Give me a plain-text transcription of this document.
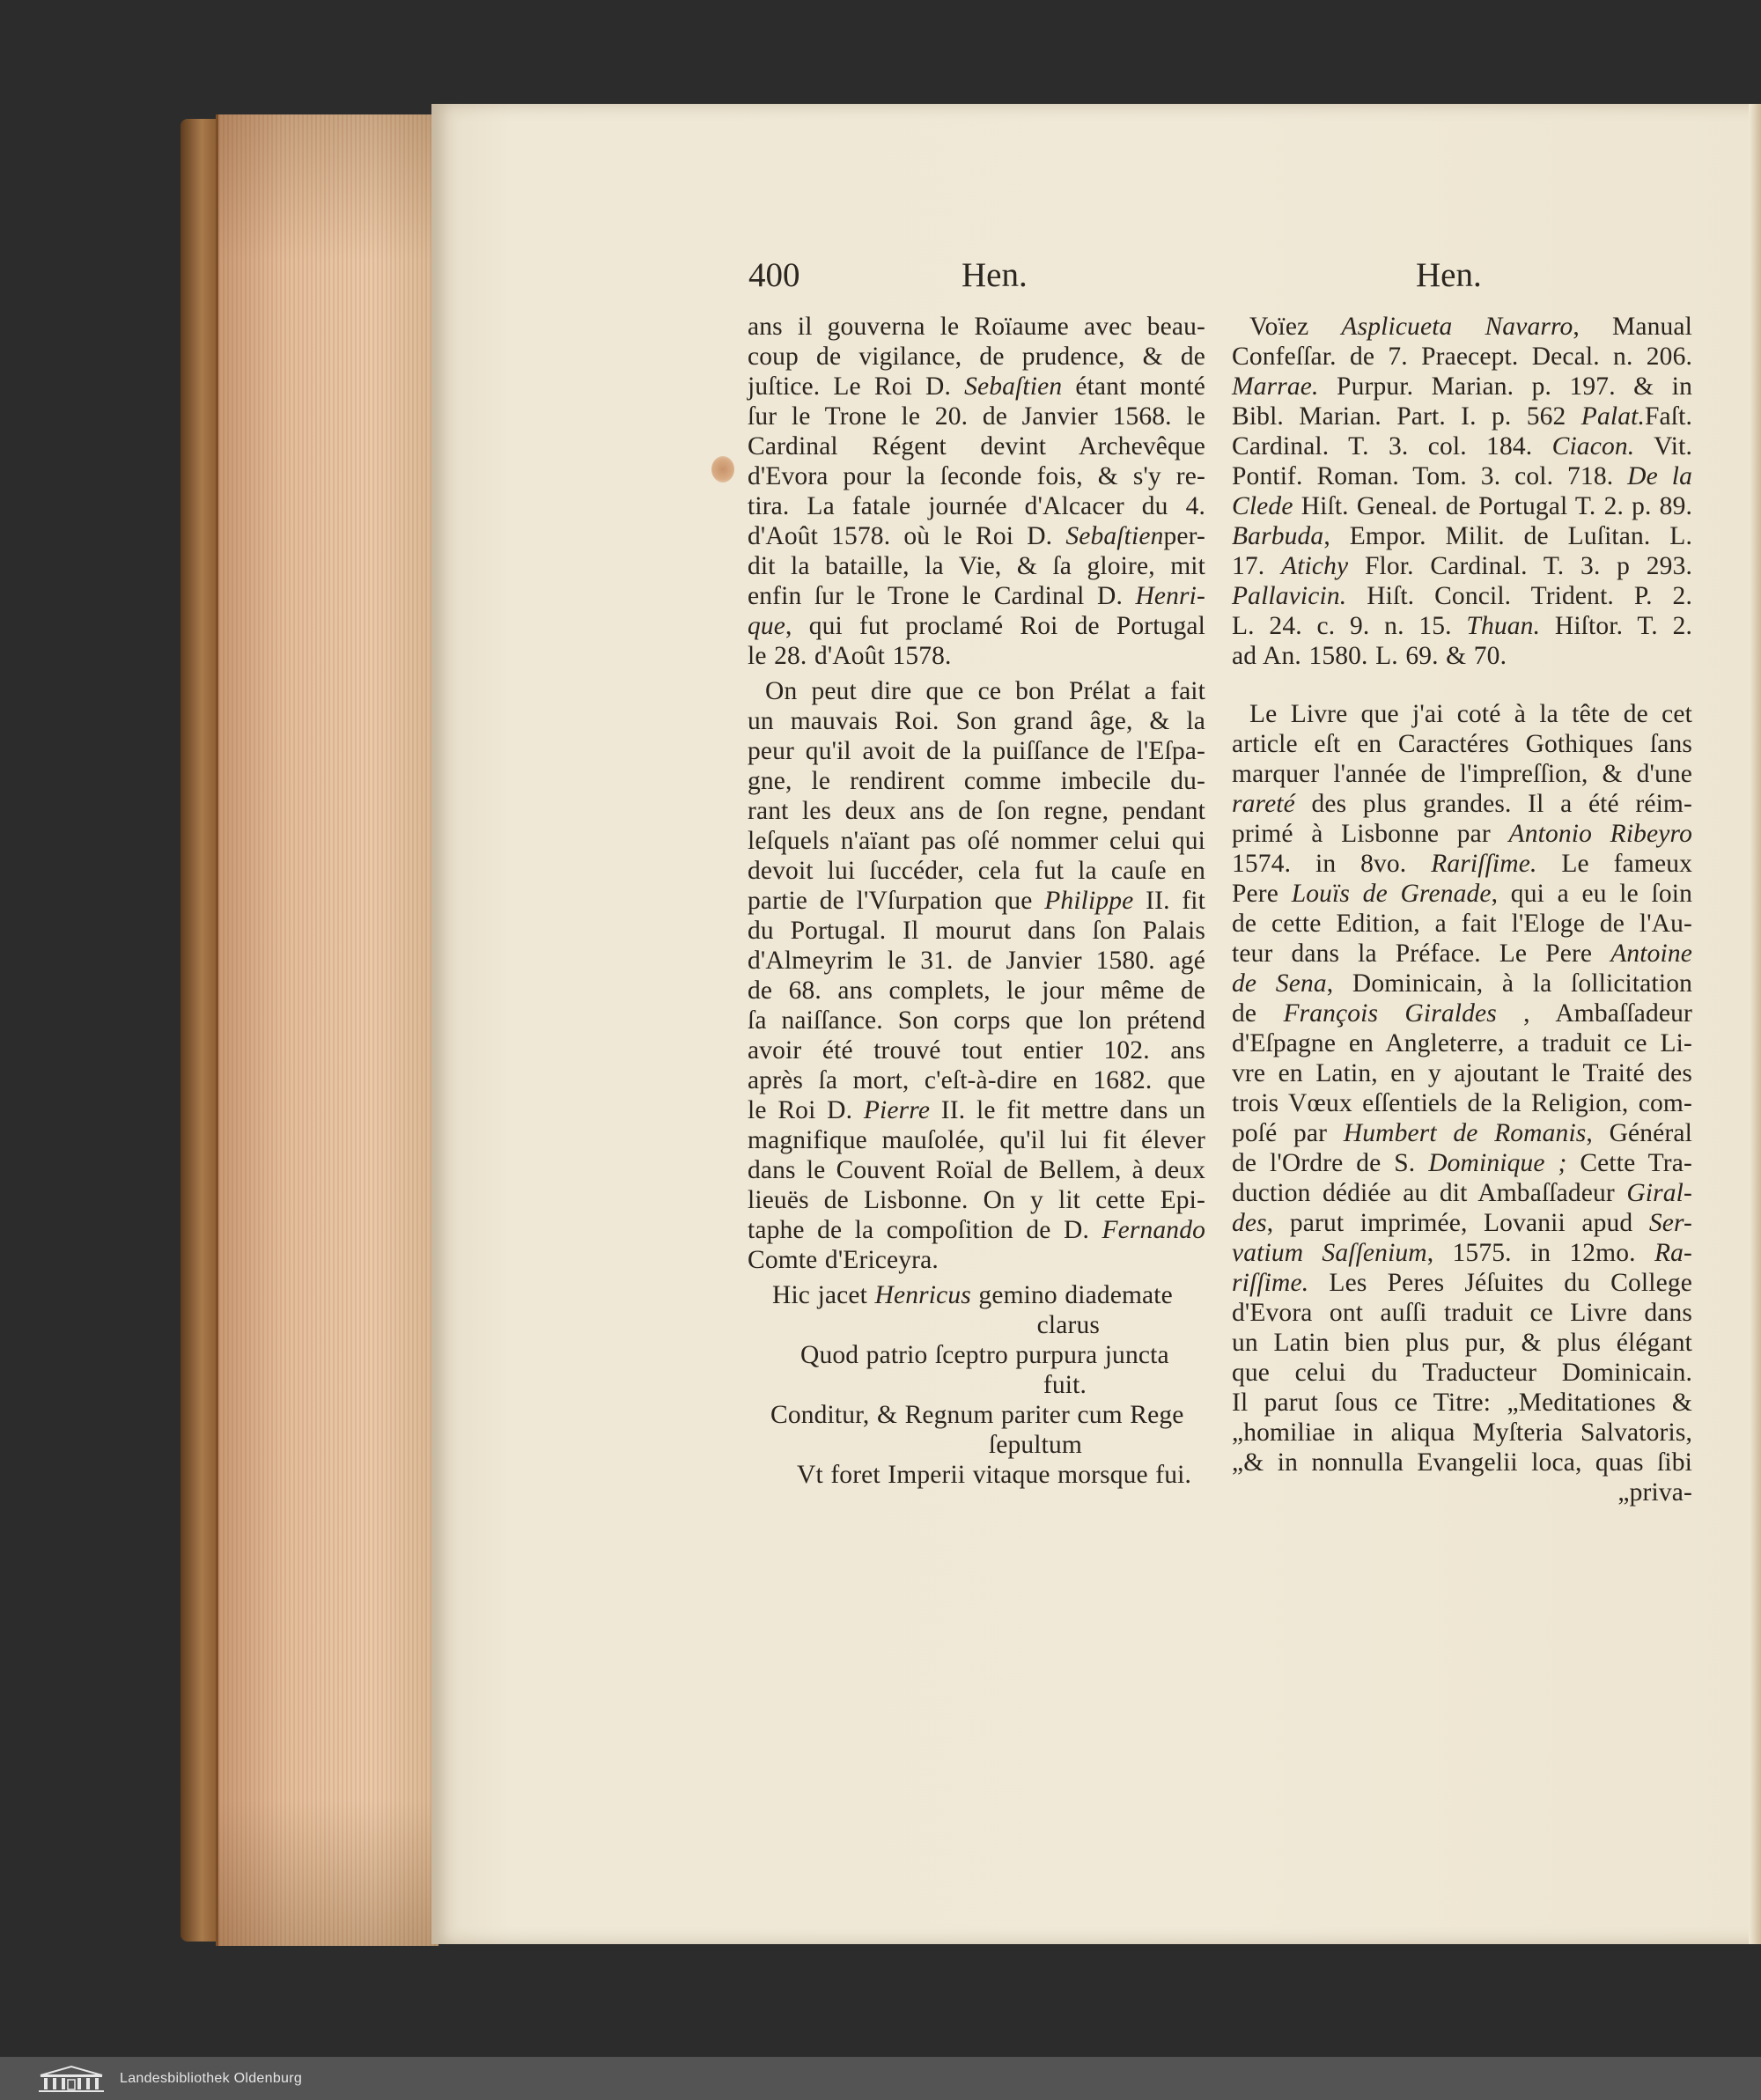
400	Hen.	Hen.
ans il gouverna le Roïaume avec beau-
coup de vigilance, de prudence, & de
juſtice. Le Roi D. Sebaſtien étant monté
ſur le Trone le 20. de Janvier 1568. le
Cardinal Régent devint Archevêque
d'Evora pour la ſeconde fois, & s'y re-
tira. La fatale journée d'Alcacer du 4.
d'Août 1578. où le Roi D. Sebaſtienper-
dit la bataille, la Vie, & ſa gloire, mit
enfin ſur le Trone le Cardinal D. Henri-
que, qui fut proclamé Roi de Portugal
le 28. d'Août 1578.
On peut dire que ce bon Prélat a fait
un mauvais Roi. Son grand âge, & la
peur qu'il avoit de la puiſſance de l'Eſpa-
gne, le rendirent comme imbecile du-
rant les deux ans de ſon regne, pendant
leſquels n'aïant pas oſé nommer celui qui
devoit lui ſuccéder, cela fut la cauſe en
partie de l'Vſurpation que Philippe II. fit
du Portugal. Il mourut dans ſon Palais
d'Almeyrim le 31. de Janvier 1580. agé
de 68. ans complets, le jour même de
ſa naiſſance. Son corps que lon prétend
avoir été trouvé tout entier 102. ans
après ſa mort, c'eſt-à-dire en 1682. que
le Roi D. Pierre II. le fit mettre dans un
magnifique mauſolée, qu'il lui fit élever
dans le Couvent Roïal de Bellem, à deux
lieuës de Lisbonne. On y lit cette Epi-
taphe de la compoſition de D. Fernando
Comte d'Ericeyra.
Hic jacet Henricus gemino diademate
clarus
Quod patrio ſceptro purpura juncta
fuit.
Conditur, & Regnum pariter cum Rege
ſepultum
Vt foret Imperii vitaque morsque fui.
Voïez Asplicueta Navarro, Manual
Confeſſar. de 7. Praecept. Decal. n. 206.
Marrae. Purpur. Marian. p. 197. & in
Bibl. Marian. Part. I. p. 562 Palat.Faſt.
Cardinal. T. 3. col. 184. Ciacon. Vit.
Pontif. Roman. Tom. 3. col. 718. De la
Clede Hiſt. Geneal. de Portugal T. 2. p. 89.
Barbuda, Empor. Milit. de Luſitan. L.
17. Atichy Flor. Cardinal. T. 3. p 293.
Pallavicin. Hiſt. Concil. Trident. P. 2.
L. 24. c. 9. n. 15. Thuan. Hiſtor. T. 2.
ad An. 1580. L. 69. & 70.
Le Livre que j'ai coté à la tête de cet
article eſt en Caractéres Gothiques ſans
marquer l'année de l'impreſſion, & d'une
rareté des plus grandes. Il a été réim-
primé à Lisbonne par Antonio Ribeyro
1574. in 8vo. Rariſſime. Le fameux
Pere Louïs de Grenade, qui a eu le ſoin
de cette Edition, a fait l'Eloge de l'Au-
teur dans la Préface. Le Pere Antoine
de Sena, Dominicain, à la ſollicitation
de François Giraldes , Ambaſſadeur
d'Eſpagne en Angleterre, a traduit ce Li-
vre en Latin, en y ajoutant le Traité des
trois Vœux eſſentiels de la Religion, com-
poſé par Humbert de Romanis, Général
de l'Ordre de S. Dominique ; Cette Tra-
duction dédiée au dit Ambaſſadeur Giral-
des, parut imprimée, Lovanii apud Ser-
vatium Saſſenium, 1575. in 12mo. Ra-
riſſime. Les Peres Jéſuites du College
d'Evora ont auſſi traduit ce Livre dans
un Latin bien plus pur, & plus élégant
que celui du Traducteur Dominicain.
Il parut ſous ce Titre: „Meditationes &
„homiliae in aliqua Myſteria Salvatoris,
„& in nonnulla Evangelii loca, quas ſibi
„priva-
Landesbibliothek Oldenburg
